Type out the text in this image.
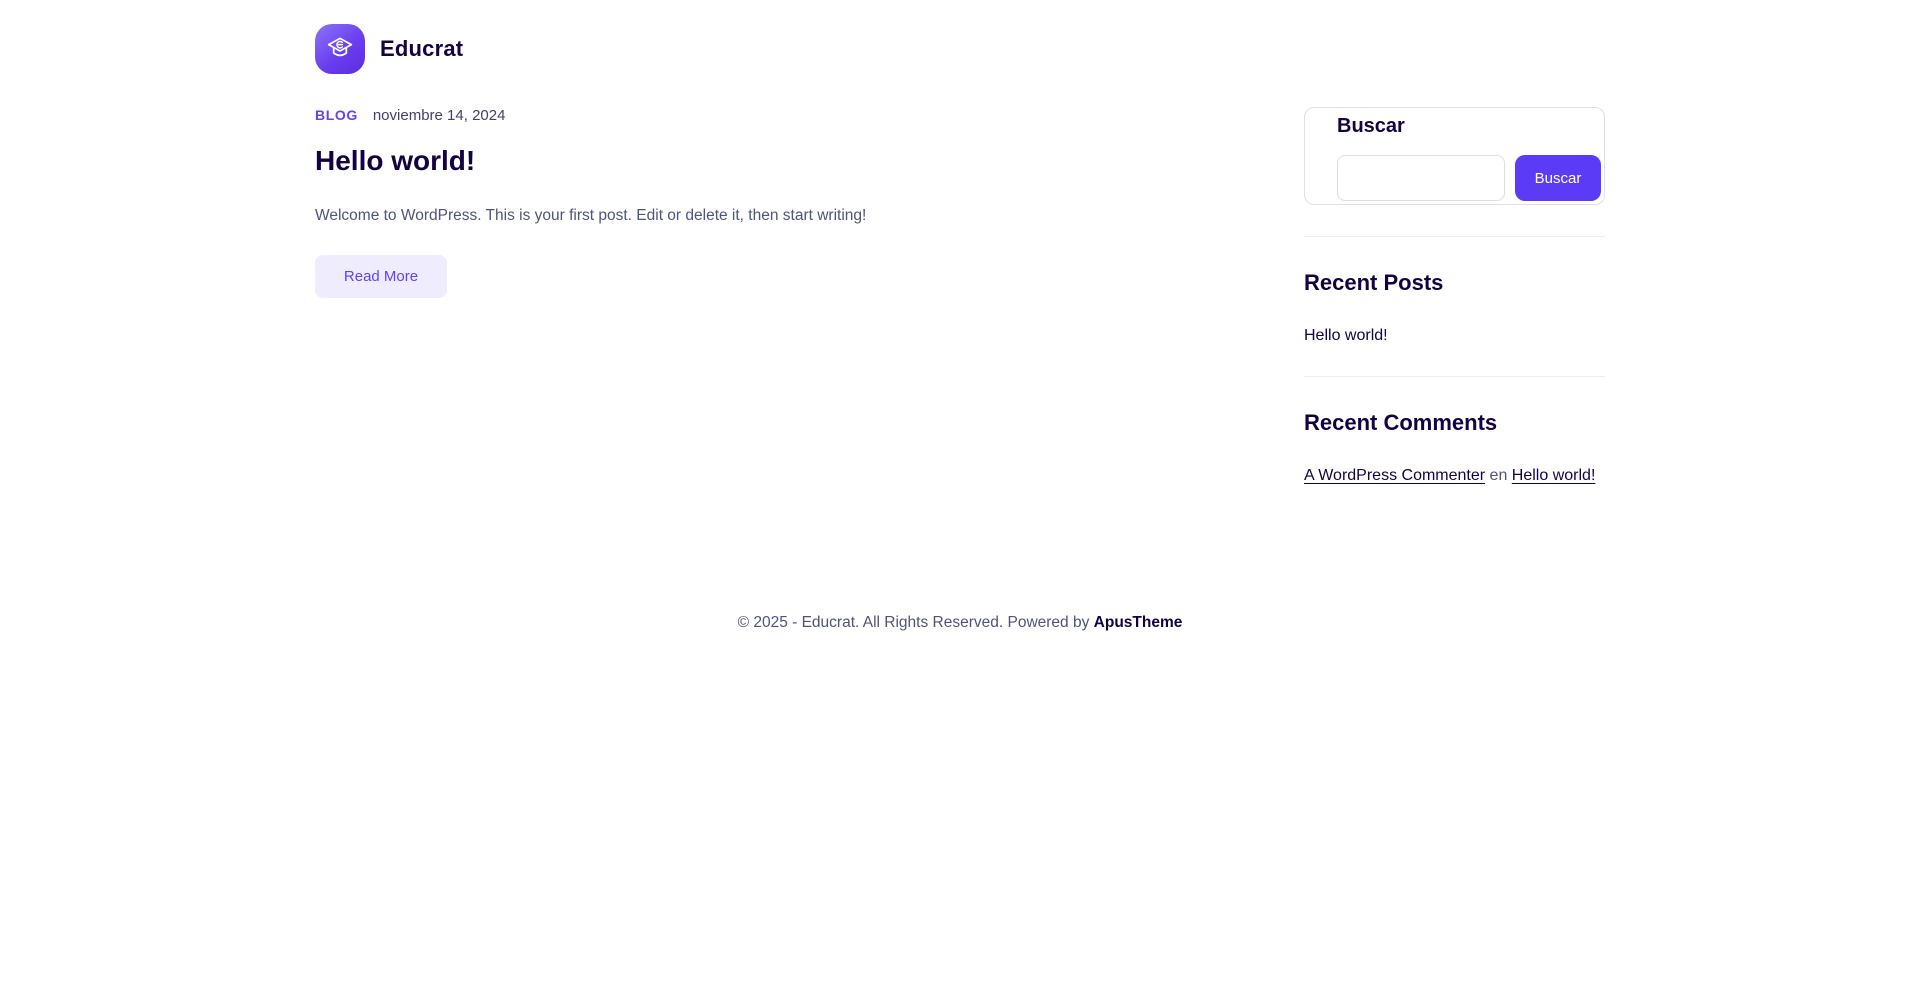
Educrat
BLOG noviembre 14, 2024
Hello world!

Welcome to WordPress. This is your first post. Edit or delete it, then start writing!

Read More
Buscar
Buscar
Recent Posts
Hello world!
Recent Comments
A WordPress Commenter en Hello world!

© 2025 - Educrat. All Rights Reserved. Powered by ApusTheme
